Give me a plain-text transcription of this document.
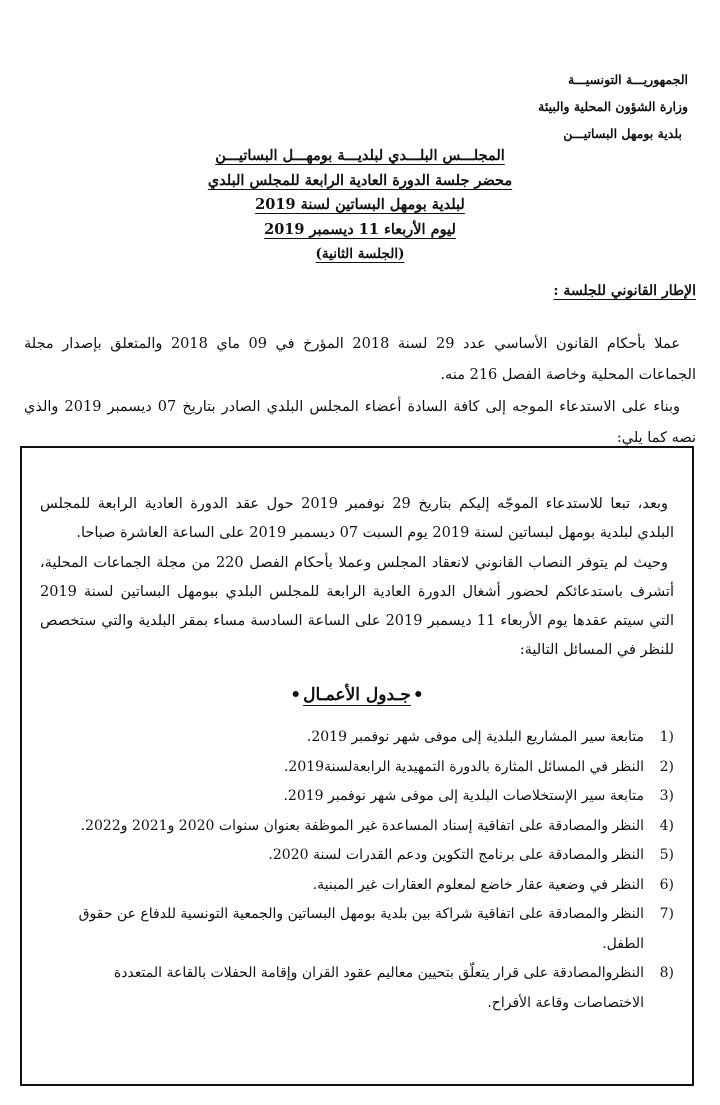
الجمهوريـــة التونسيـــة
وزارة الشؤون المحلية والبيئة
بلدية بومهل البساتيـــن
المجلـــس البلـــدي لبلديـــة بومهـــل البساتيـــن
محضر جلسة الدورة العادية الرابعة للمجلس البلدي
لبلدية بومهل البساتين لسنة 2019
ليوم الأربعاء 11 ديسمبر 2019
(الجلسة الثانية)
الإطار القانوني للجلسة :

عملا بأحكام القانون الأساسي عدد 29 لسنة 2018 المؤرخ في 09 ماي 2018 والمتعلق بإصدار مجلة الجماعات المحلية وخاصة الفصل 216 منه.

وبناء على الاستدعاء الموجه إلى كافة السادة أعضاء المجلس البلدي الصادر بتاريخ 07 ديسمبر 2019 والذي نصه كما يلي:

وبعد، تبعا للاستدعاء الموجّه إليكم بتاريخ 29 نوفمبر 2019 حول عقد الدورة العادية الرابعة للمجلس البلدي لبلدية بومهل لبساتين لسنة 2019 يوم السبت 07 ديسمبر 2019 على الساعة العاشرة صباحا.

وحيث لم يتوفر النصاب القانوني لانعقاد المجلس وعملا بأحكام الفصل 220 من مجلة الجماعات المحلية، أتشرف باستدعائكم لحضور أشغال الدورة العادية الرابعة للمجلس البلدي ببومهل البساتين لسنة 2019 التي سيتم عقدها يوم الأربعاء 11 ديسمبر 2019 على الساعة السادسة مساء بمقر البلدية والتي ستخصص للنظر في المسائل التالية:

•جـدول الأعمـال•
1 )
متابعة سير المشاريع البلدية إلى موفى شهر نوفمبر 2019.
2 )
النظر في المسائل المثارة بالدورة التمهيدية الرابعةلسنة2019.
3 )
متابعة سير الإستخلاصات البلدية إلى موفى شهر نوفمبر 2019.
4 )
النظر والمصادقة على اتفاقية إسناد المساعدة غير الموظفة بعنوان سنوات 2020 و2021 و2022.
5 )
النظر والمصادقة على برنامج التكوين ودعم القدرات لسنة 2020.
6 )
النظر في وضعية عقار خاضع لمعلوم العقارات غير المبنية.
7 )
النظر والمصادقة على اتفاقية شراكة بين بلدية بومهل البساتين والجمعية التونسية للدفاع عن حقوق الطفل.
8 )
النظروالمصادقة على قرار يتعلّق بتحيين معاليم عقود القران وإقامة الحفلات بالقاعة المتعددة الاختصاصات وقاعة الأفراح.
